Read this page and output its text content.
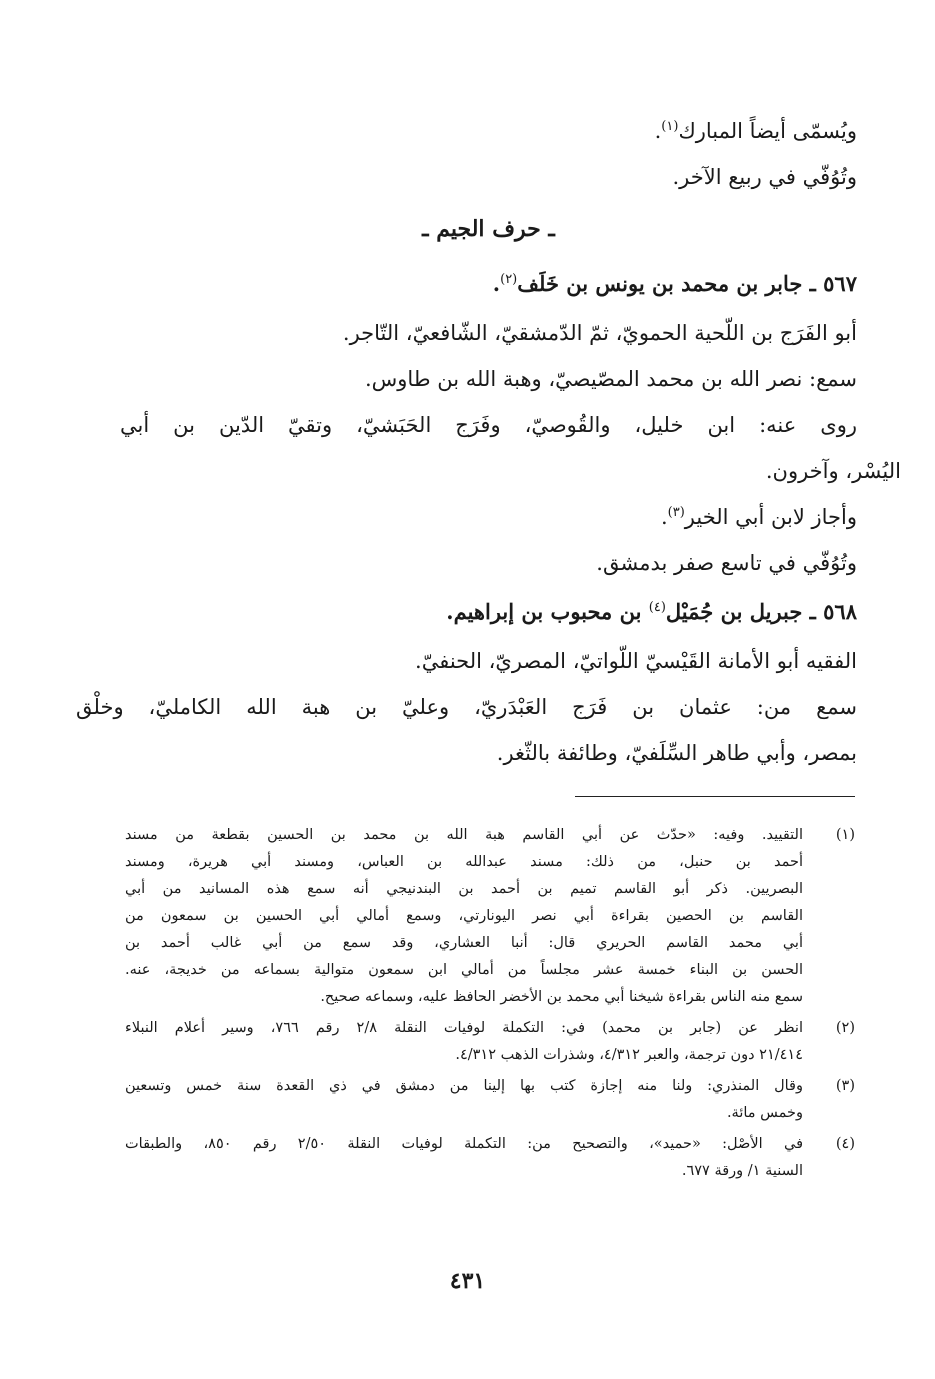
ويُسمّى أيضاً المبارك$^{(١)}$.
وتُوُفّي في ربيع الآخر.
ـ حرف الجيم ـ
٥٦٧ ـ جابر بن محمد بن يونس بن خَلَف$^{(٢)}$.
أبو الفَرَج بن اللّحية الحمويّ، ثمّ الدّمشقيّ، الشّافعيّ، التّاجر.
سمع: نصر الله بن محمد المصّيصيّ، وهبة الله بن طاوس.
روى عنه: ابن خليل، والقُوصيّ، وفَرَج الحَبَشيّ، وتقيّ الدّين بن أبي
اليُسْر، وآخرون.
وأجاز لابن أبي الخير$^{(٣)}$.
وتُوُفّي في تاسع صفر بدمشق.
٥٦٨ ـ جبريل بن جُمَيْل$^{(٤)}$ بن محبوب بن إبراهيم.
الفقيه أبو الأمانة القَيْسيّ اللّواتيّ، المصريّ، الحنفيّ.
سمع من: عثمان بن فَرَج العَبْدَريّ، وعليّ بن هبة الله الكامليّ، وخلْق
بمصر، وأبي طاهر السِّلَفيّ، وطائفة بالثّغر.
(١)
التقييد. وفيه: «حدّث عن أبي القاسم هبة الله بن محمد بن الحسين بقطعة من مسند
أحمد بن حنبل، من ذلك: مسند عبدالله بن العباس، ومسند أبي هريرة، ومسند
البصريين. ذكر أبو القاسم تميم بن أحمد بن البندنيجي أنه سمع هذه المسانيد من أبي
القاسم بن الحصين بقراءة أبي نصر اليونارتي، وسمع أمالي أبي الحسين بن سمعون من
أبي محمد القاسم الحريري قال: أنبا العشاري، وقد سمع من أبي غالب أحمد بن
الحسن بن البناء خمسة عشر مجلساً من أمالي ابن سمعون متوالية بسماعه من خديجة، عنه.
سمع منه الناس بقراءة شيخنا أبي محمد بن الأخضر الحافظ عليه، وسماعه صحيح.
(٢)
انظر عن (جابر بن محمد) في: التكملة لوفيات النقلة ٢/٨ رقم ٧٦٦، وسير أعلام النبلاء
٢١/٤١٤ دون ترجمة، والعبر ٤/٣١٢، وشذرات الذهب ٤/٣١٢.
(٣)
وقال المنذري: ولنا منه إجازة كتب بها إلينا من دمشق في ذي القعدة سنة خمس وتسعين
وخمس مائة.
(٤)
في الأصْل: «حميد»، والتصحيح من: التكملة لوفيات النقلة ٢/٥٠ رقم ٨٥٠، والطبقات
السنية ١/ ورقة ٦٧٧.
٤٣١
